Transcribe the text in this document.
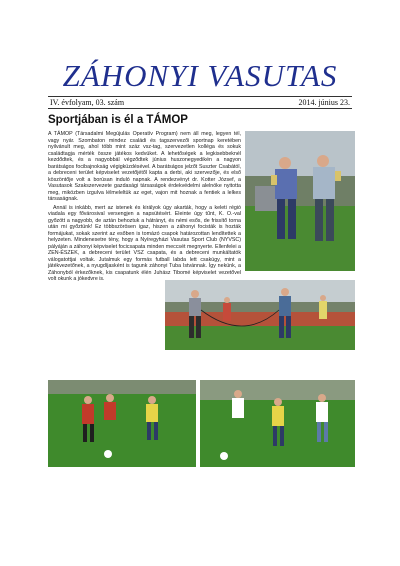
ZÁHONYI VASUTAS
IV. évfolyam, 03. szám	2014. június 23.
Sportjában is él a TÁMOP

A TÁMOP (Társadalmi Megújulás Operatív Program) nem áll meg, legyen tél, vagy nyár. Szombaton mindez családi és tagszervezői sportnap keretében nyilvánult meg, ahol több mint száz vsz-tag, szervezetlen kollégа és sokuk családtagja mérték össze játékos kedvüket. A lehetőségek a legkisebbeknél kezdődtek, és a nagyobbál végződtek június huszonegyedikén a nagyon barátságos focibajnokság végigküzdésével. A barátságos jelzőt Suszter Csabától, a debreceni terület képviselet vezetőjétől kapta a derbi, aki szervezője, és első köszöntője volt a borúsan induló napnak. A rendezvényt dr. Kotter József, a Vasutasok Szakszervezete gazdasági társaságok érdekvédelmi alelnöke nyitotta meg, miközben izguIva lélmeleltük az eget, vajon mit hoznak a fentiek a lelkes társaságnak.

Annál is inkább, mert az istenek és királyok úgy akarták, hogy a keleti régió viadala egy fővárosival versengjen a napsütésért. Eleinte úgy tűnt, K. O.-val győzött a nagyobb, de aztán behoztuk a hátrányt, és némi esős, de frissítő torna után mi győztünk! Ez többszörösen igaz, hiszen a záhonyi focisták is hozták formájukat, sokak szerint az esőben is tomázó csapok határozottan lendítettek a helyzeten. Mindenesetre tény, hogy a Nyíregyházi Vasutas Sport Club (NYVSC) pályáján a záhonyi képviselet focicsapata minden meccsét megnyerte. Ellenfelei a ZEN-ÉSZEK, a debreceni terület VSZ csapata, és a debreceni munkáltatók válogatottjai voltak. Jutalmuk egy formás futball labda lett csakúgy, mint a játékvezetőnek, a nyugdíjasként is tagunk záhonyi Tuba Istvánnak. Így nekünk, a Záhonyból érkezőknek, kis csapatunk élén Juhász Tibomé képviselet vezetővel volt okunk a jókedvre is.
